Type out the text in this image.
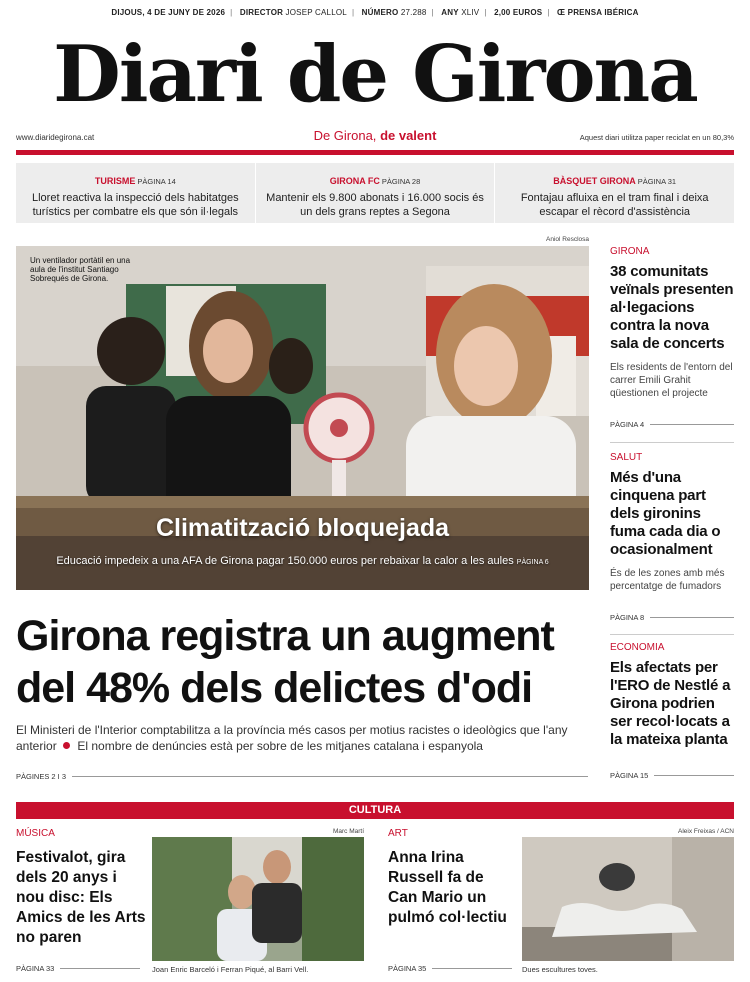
DIJOUS, 4 DE JUNY DE 2026 | DIRECTOR JOSEP CALLOL | NÚMERO 27.288 | ANY XLIV | 2,00 EUROS | Œ PRENSA IBÉRICA
Diari de Girona
www.diaridegirona.cat	De Girona, de valent	Aquest diari utilitza paper reciclat en un 80,3%
TURISME PÀGINA 14
Lloret reactiva la inspecció dels habitatges turístics per combatre els que són il·legals
GIRONA FC PÀGINA 28
Mantenir els 9.800 abonats i 16.000 socis és un dels grans reptes a Segona
BÀSQUET GIRONA PÀGINA 31
Fontajau afluixa en el tram final i deixa escapar el rècord d'assistència
Aniol Resclosa
Un ventilador portàtil en una aula de l'institut Santiago Sobrequés de Girona.
Climatització bloquejada
Educació impedeix a una AFA de Girona pagar 150.000 euros per rebaixar la calor a les aules PÀGINA 6
Girona registra un augment del 48% dels delictes d'odi
El Ministeri de l'Interior comptabilitza a la província més casos per motius racistes o ideològics que l'any anterior El nombre de denúncies està per sobre de les mitjanes catalana i espanyola
PÀGINES 2 I 3
GIRONA
38 comunitats veïnals presenten al·legacions contra la nova sala de concerts
Els residents de l'entorn del carrer Emili Grahit qüestionen el projecte
PÀGINA 4
SALUT
Més d'una cinquena part dels gironins fuma cada dia o ocasionalment
És de les zones amb més percentatge de fumadors
PÀGINA 8
ECONOMIA
Els afectats per l'ERO de Nestlé a Girona podrien ser recol·locats a la mateixa planta
PÀGINA 15
CULTURA
MÚSICA
Festivalot, gira dels 20 anys i nou disc: Els Amics de les Arts no paren
PÀGINA 33
Marc Martí
Joan Enric Barceló i Ferran Piqué, al Barri Vell.
ART
Anna Irina Russell fa de Can Mario un pulmó col·lectiu
PÀGINA 35
Aleix Freixas / ACN
Dues escultures toves.
